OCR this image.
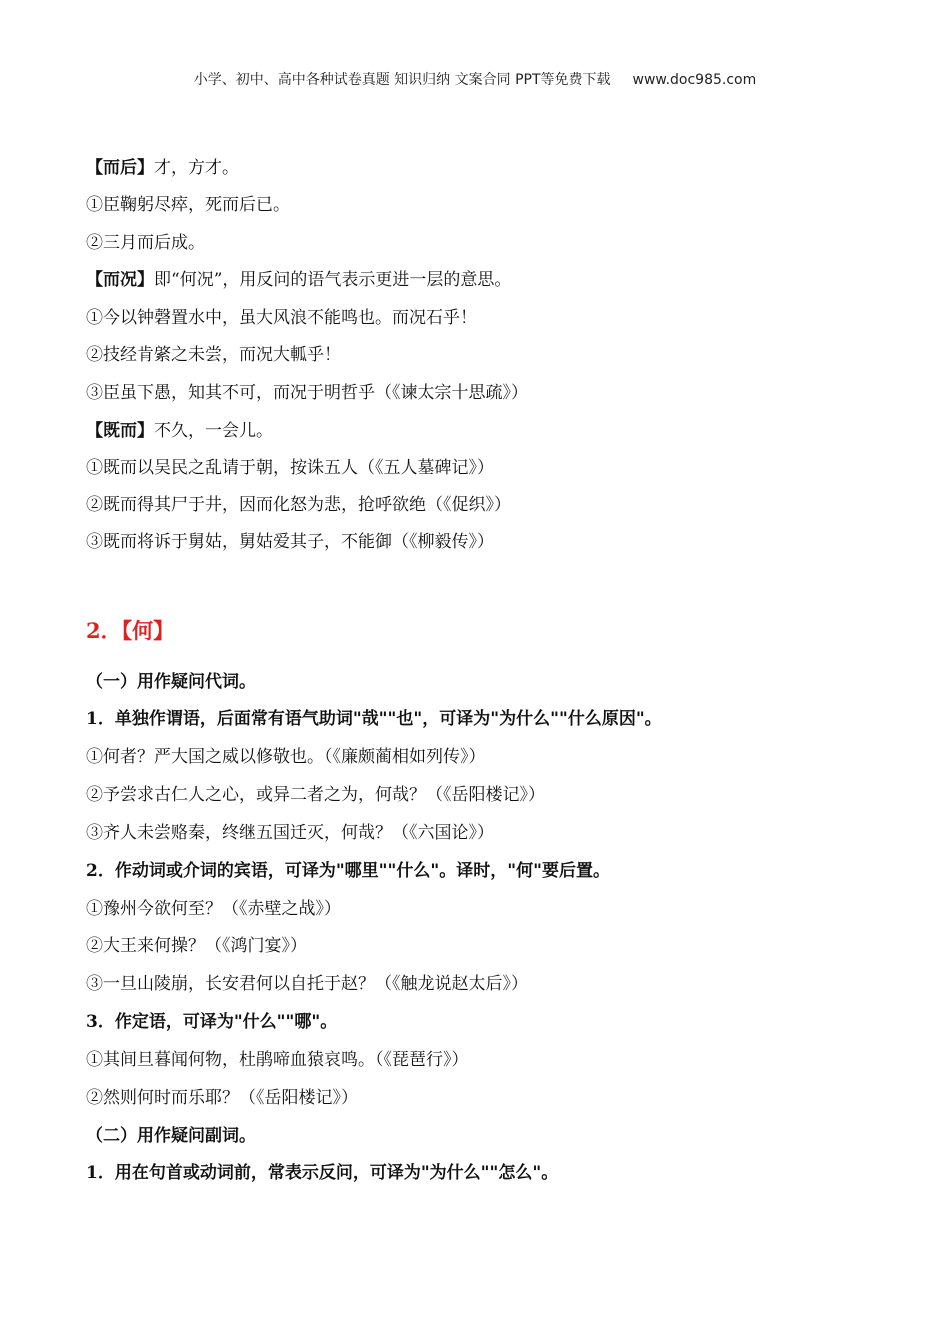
小学、初中、高中各种试卷真题 知识归纳 文案合同 PPT等免费下载 www.doc985.com
【而后】才，方才。
①臣鞠躬尽瘁，死而后已。
②三月而后成。
【而况】即“何况”，用反问的语气表示更进一层的意思。
①今以钟磬置水中，虽大风浪不能鸣也。而况石乎！
②技经肯綮之未尝，而况大軱乎！
③臣虽下愚，知其不可，而况于明哲乎（《谏太宗十思疏》）
【既而】不久，一会儿。
①既而以吴民之乱请于朝，按诛五人（《五人墓碑记》）
②既而得其尸于井，因而化怒为悲，抢呼欲绝（《促织》）
③既而将诉于舅姑，舅姑爱其子，不能御（《柳毅传》）
2．【何】
（一）用作疑问代词。
1．单独作谓语，后面常有语气助词"哉""也"，可译为"为什么""什么原因"。
①何者？严大国之威以修敬也。（《廉颇蔺相如列传》）
②予尝求古仁人之心，或异二者之为，何哉？（《岳阳楼记》）
③齐人未尝赂秦，终继五国迁灭，何哉？（《六国论》）
2．作动词或介词的宾语，可译为"哪里""什么"。译时，"何"要后置。
①豫州今欲何至？（《赤壁之战》）
②大王来何操？（《鸿门宴》）
③一旦山陵崩，长安君何以自托于赵？（《触龙说赵太后》）
3．作定语，可译为"什么""哪"。
①其间旦暮闻何物，杜鹃啼血猿哀鸣。（《琵琶行》）
②然则何时而乐耶？（《岳阳楼记》）
（二）用作疑问副词。
1．用在句首或动词前，常表示反问，可译为"为什么""怎么"。
